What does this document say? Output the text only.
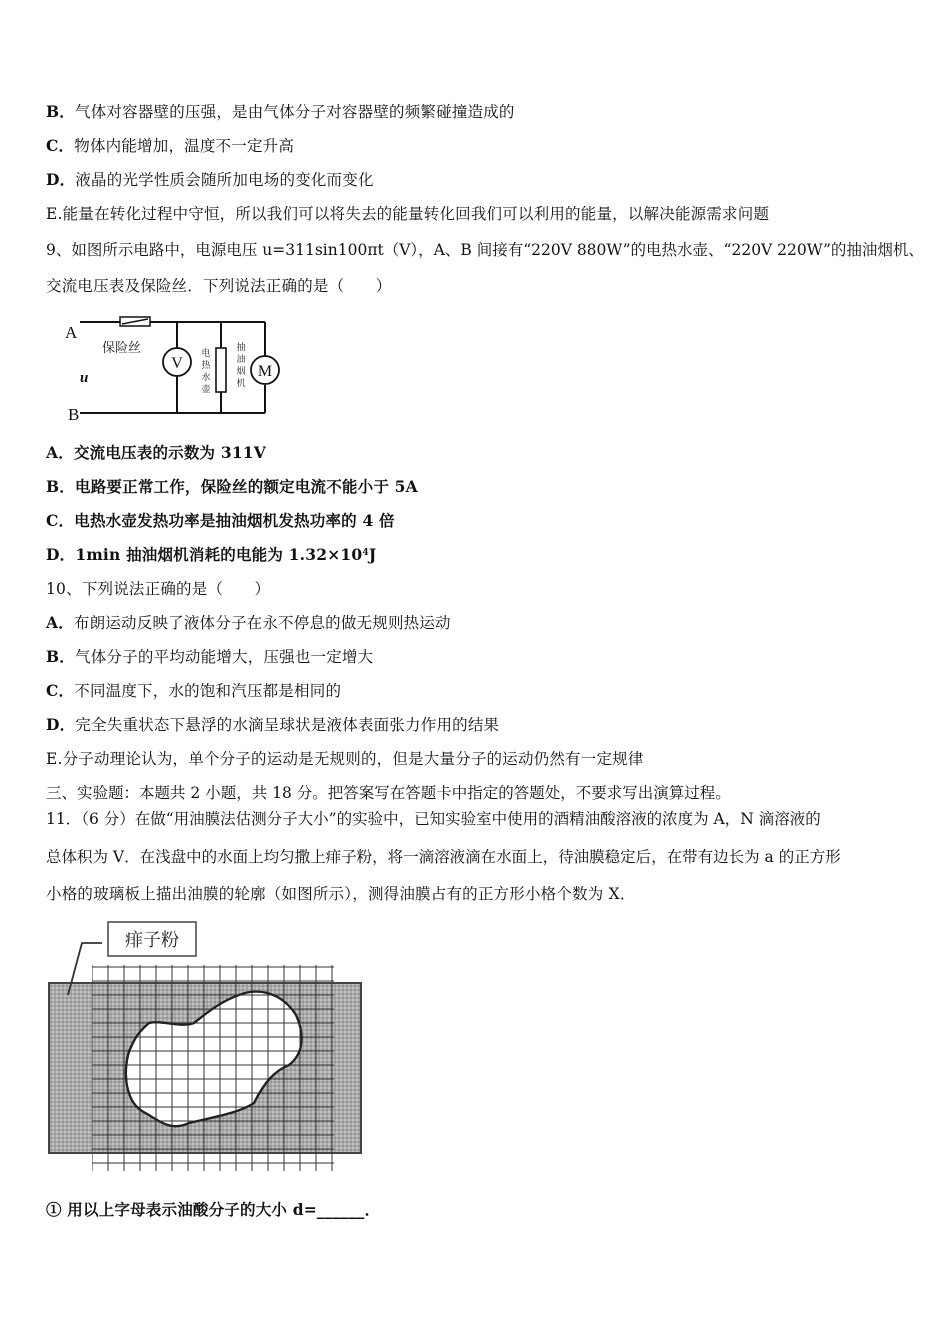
B．气体对容器壁的压强，是由气体分子对容器壁的频繁碰撞造成的
C．物体内能增加，温度不一定升高
D．液晶的光学性质会随所加电场的变化而变化
E.能量在转化过程中守恒，所以我们可以将失去的能量转化回我们可以利用的能量，以解决能源需求问题
9、如图所示电路中，电源电压 u=311sin100πt（V），A、B 间接有“220V 880W”的电热水壶、“220V 220W”的抽油烟机、
交流电压表及保险丝．下列说法正确的是（　　）
V	M
A
B
u
保险丝	电
热
水
壶
抽
油
烟
机
A．交流电压表的示数为 311V
B．电路要正常工作，保险丝的额定电流不能小于 5A
C．电热水壶发热功率是抽油烟机发热功率的 4 倍
D．1min 抽油烟机消耗的电能为 $1.32\times 10^4J$
10、下列说法正确的是（　　）
A．布朗运动反映了液体分子在永不停息的做无规则热运动
B．气体分子的平均动能增大，压强也一定增大
C．不同温度下，水的饱和汽压都是相同的
D．完全失重状态下悬浮的水滴呈球状是液体表面张力作用的结果
E.分子动理论认为，单个分子的运动是无规则的，但是大量分子的运动仍然有一定规律
三、实验题：本题共 2 小题，共 18 分。把答案写在答题卡中指定的答题处，不要求写出演算过程。
11．（6 分）在做“用油膜法估测分子大小”的实验中，已知实验室中使用的酒精油酸溶液的浓度为 A，N 滴溶液的
总体积为 V．在浅盘中的水面上均匀撒上痱子粉，将一滴溶液滴在水面上，待油膜稳定后，在带有边长为 a 的正方形
小格的玻璃板上描出油膜的轮廓（如图所示），测得油膜占有的正方形小格个数为 X．
痱子粉
① 用以上字母表示油酸分子的大小 d=______．
